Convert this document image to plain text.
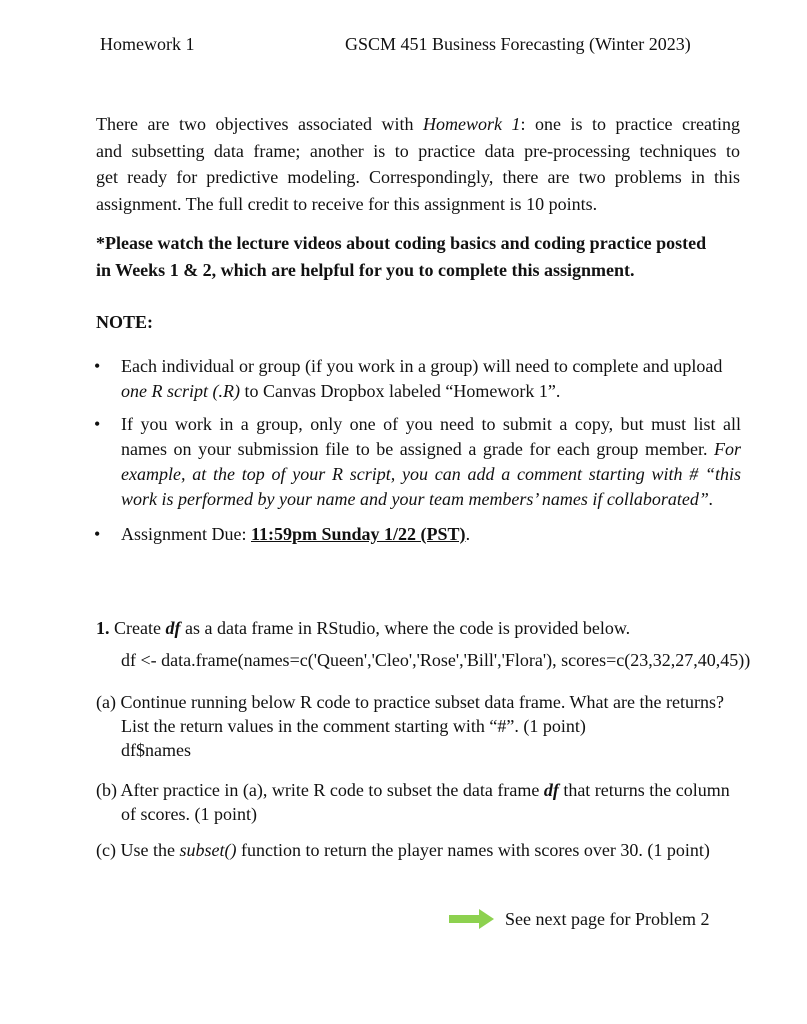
Homework 1	GSCM 451 Business Forecasting (Winter 2023)
There are two objectives associated with Homework 1: one is to practice creating
and subsetting data frame; another is to practice data pre-processing techniques to
get ready for predictive modeling. Correspondingly, there are two problems in this
assignment. The full credit to receive for this assignment is 10 points.
*Please watch the lecture videos about coding basics and coding practice posted
in Weeks 1 & 2, which are helpful for you to complete this assignment.
NOTE:
• Each individual or group (if you work in a group) will need to complete and upload
one R script (.R) to Canvas Dropbox labeled “Homework 1”.
• If you work in a group, only one of you need to submit a copy, but must list all
names on your submission file to be assigned a grade for each group member. For
example, at the top of your R script, you can add a comment starting with # “this
work is performed by your name and your team members’ names if collaborated”.
• Assignment Due: 11:59pm Sunday 1/22 (PST).
1. Create df as a data frame in RStudio, where the code is provided below.
df <- data.frame(names=c('Queen','Cleo','Rose','Bill','Flora'), scores=c(23,32,27,40,45))
(a) Continue running below R code to practice subset data frame. What are the returns?
List the return values in the comment starting with “#”. (1 point)
df$names
(b) After practice in (a), write R code to subset the data frame df that returns the column
of scores. (1 point)
(c) Use the subset() function to return the player names with scores over 30. (1 point)
See next page for Problem 2
